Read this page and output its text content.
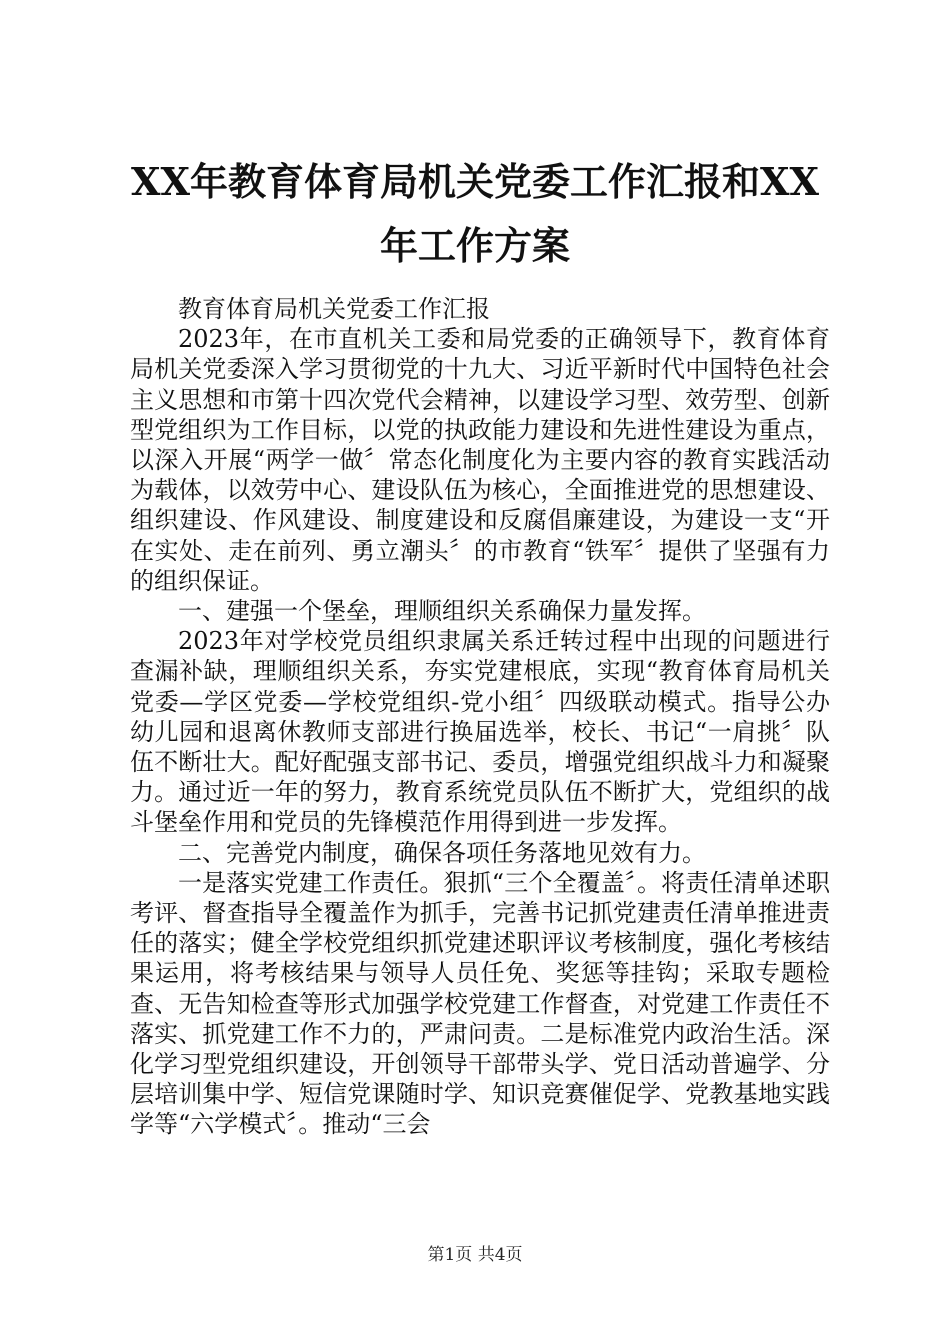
XX年教育体育局机关党委工作汇报和XX年工作方案

教育体育局机关党委工作汇报

2023年，在市直机关工委和局党委的正确领导下，教育体育局机关党委深入学习贯彻党的十九大、习近平新时代中国特色社会主义思想和市第十四次党代会精神，以建设学习型、效劳型、创新型党组织为工作目标，以党的执政能力建设和先进性建设为重点，以深入开展“两学一做〞常态化制度化为主要内容的教育实践活动为载体，以效劳中心、建设队伍为核心，全面推进党的思想建设、组织建设、作风建设、制度建设和反腐倡廉建设，为建设一支“开在实处、走在前列、勇立潮头〞的市教育“铁军〞提供了坚强有力的组织保证。

一、建强一个堡垒，理顺组织关系确保力量发挥。

2023年对学校党员组织隶属关系迁转过程中出现的问题进行查漏补缺，理顺组织关系，夯实党建根底，实现“教育体育局机关党委—学区党委—学校党组织-党小组〞四级联动模式。指导公办幼儿园和退离休教师支部进行换届选举，校长、书记“一肩挑〞队伍不断壮大。配好配强支部书记、委员，增强党组织战斗力和凝聚力。通过近一年的努力，教育系统党员队伍不断扩大，党组织的战斗堡垒作用和党员的先锋模范作用得到进一步发挥。

二、完善党内制度，确保各项任务落地见效有力。

一是落实党建工作责任。狠抓“三个全覆盖〞。将责任清单述职考评、督查指导全覆盖作为抓手，完善书记抓党建责任清单推进责任的落实；健全学校党组织抓党建述职评议考核制度，强化考核结果运用，将考核结果与领导人员任免、奖惩等挂钩；采取专题检查、无告知检查等形式加强学校党建工作督查，对党建工作责任不落实、抓党建工作不力的，严肃问责。二是标准党内政治生活。深化学习型党组织建设，开创领导干部带头学、党日活动普遍学、分层培训集中学、短信党课随时学、知识竞赛催促学、党教基地实践学等“六学模式〞。推动“三会

第1页 共4页
